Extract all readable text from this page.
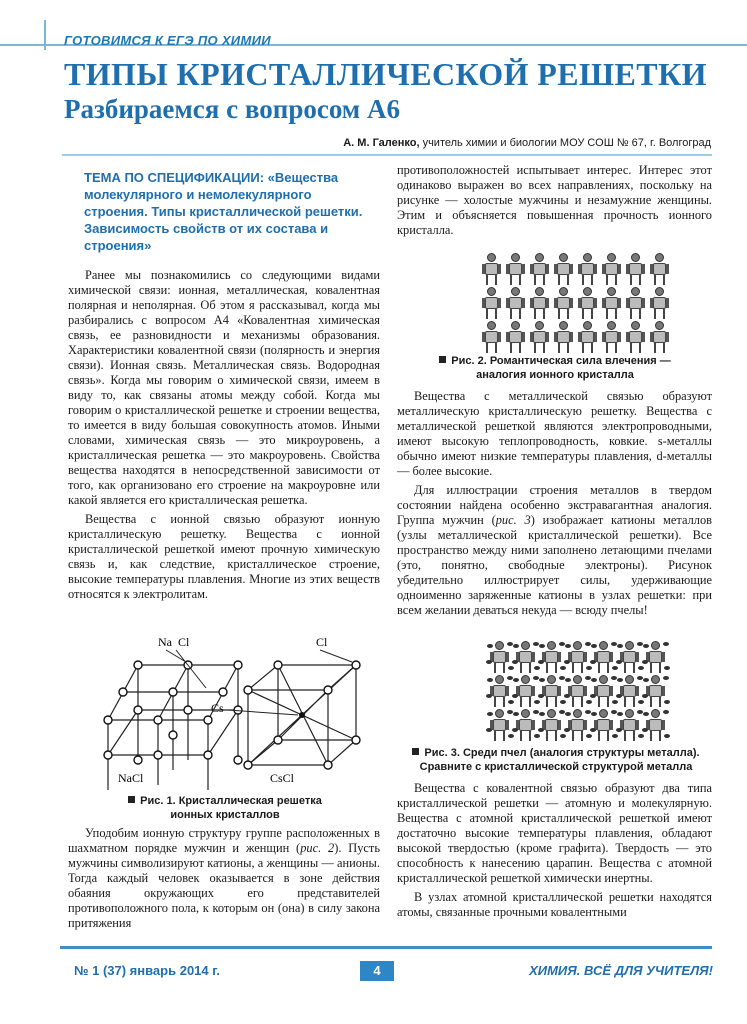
ГОТОВИМСЯ К ЕГЭ ПО ХИМИИ
ТИПЫ КРИСТАЛЛИЧЕСКОЙ РЕШЕТКИ
Разбираемся с вопросом А6
А. М. Галенко, учитель химии и биологии МОУ СОШ № 67, г. Волгоград
ТЕМА ПО СПЕЦИФИКАЦИИ: «Вещества молекулярного и немолекулярного строения. Типы кристаллической решетки. Зависимость свойств от их состава и строения»

Ранее мы познакомились со следующими видами химической связи: ионная, металлическая, ковалентная полярная и неполярная. Об этом я рассказывал, когда мы разбирались с вопросом А4 «Ковалентная химическая связь, ее разновидности и механизмы образования. Характеристики ковалентной связи (полярность и энергия связи). Ионная связь. Металлическая связь. Водородная связь». Когда мы говорим о химической связи, имеем в виду то, как связаны атомы между собой. Когда мы говорим о кристаллической решетке и строении вещества, то имеется в виду большая совокупность атомов. Иными словами, химическая связь — это микроуровень, а кристаллическая решетка — это макроуровень. Свойства вещества находятся в непосредственной зависимости от того, как организовано его строение на макроуровне или какой является его кристаллическая решетка.

Вещества с ионной связью образуют ионную кристаллическую решетку. Вещества с ионной кристаллической решеткой имеют прочную химическую связь и, как следствие, кристаллическое строение, высокие температуры плавления. Многие из этих веществ относятся к электролитам.

Na Cl
NaCl
Cl
Cs
CsCl
Рис. 1. Кристаллическая решетка
ионных кристаллов

Уподобим ионную структуру группе расположенных в шахматном порядке мужчин и женщин (рис. 2). Пусть мужчины символизируют катионы, а женщины — анионы. Тогда каждый человек оказывается в зоне действия обаяния окружающих его представителей противоположного пола, к которым он (она) в силу закона притяжения

противоположностей испытывает интерес. Интерес этот одинаково выражен во всех направлениях, поскольку на рисунке — холостые мужчины и незамужние женщины. Этим и объясняется повышенная прочность ионного кристалла.

Рис. 2. Романтическая сила влечения —
аналогия ионного кристалла

Вещества с металлической связью образуют металлическую кристаллическую решетку. Вещества с металлической решеткой являются электропроводными, имеют высокую теплопроводность, ковкие. s-металлы обычно имеют низкие температуры плавления, d-металлы — более высокие.

Для иллюстрации строения металлов в твердом состоянии найдена особенно экстравагантная аналогия. Группа мужчин (рис. 3) изображает катионы металлов (узлы металлической кристаллической решетки). Все пространство между ними заполнено летающими пчелами (это, понятно, свободные электроны). Рисунок убедительно иллюстрирует силы, удерживающие одноименно заряженные катионы в узлах решетки: при всем желании деваться некуда — всюду пчелы!

Рис. 3. Среди пчел (аналогия структуры металла).
Сравните с кристаллической структурой металла

Вещества с ковалентной связью образуют два типа кристаллической решетки — атомную и молекулярную. Вещества с атомной кристаллической решеткой имеют достаточно высокие температуры плавления, обладают высокой твердостью (кроме графита). Твердость — это способность к нанесению царапин. Вещества с атомной кристаллической решеткой химически инертны.

В узлах атомной кристаллической решетки находятся атомы, связанные прочными ковалентными

№ 1 (37) январь 2014 г.	4	ХИМИЯ. ВСЁ ДЛЯ УЧИТЕЛЯ!
